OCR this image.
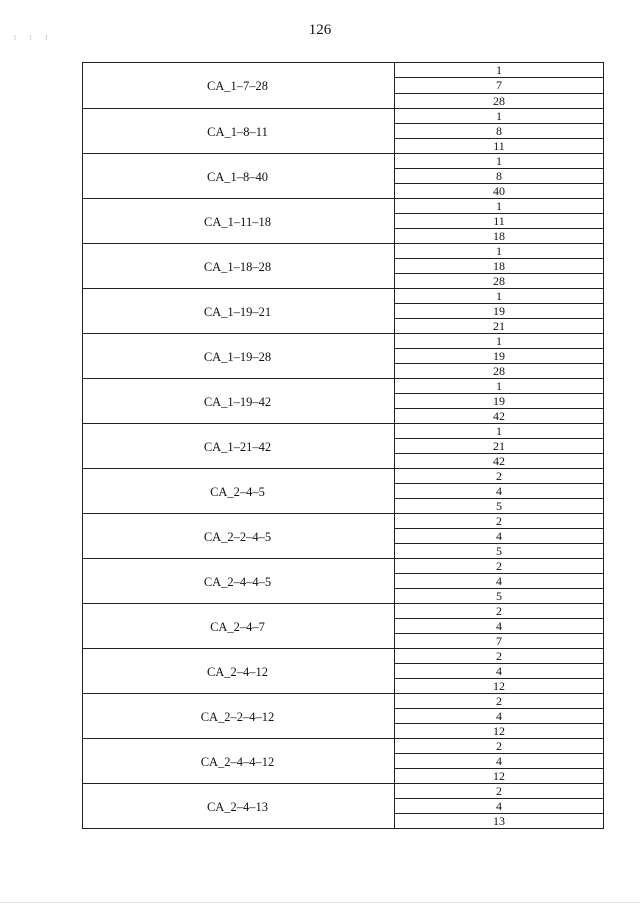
126
⁞ ⁞ ⁞
CA_1–7–28
1
7
28
CA_1–8–11
1
8
11
CA_1–8–40
1
8
40
CA_1–11–18
1
11
18
CA_1–18–28
1
18
28
CA_1–19–21
1
19
21
CA_1–19–28
1
19
28
CA_1–19–42
1
19
42
CA_1–21–42
1
21
42
CA_2–4–5
2
4
5
CA_2–2–4–5
2
4
5
CA_2–4–4–5
2
4
5
CA_2–4–7
2
4
7
CA_2–4–12
2
4
12
CA_2–2–4–12
2
4
12
CA_2–4–4–12
2
4
12
CA_2–4–13
2
4
13
